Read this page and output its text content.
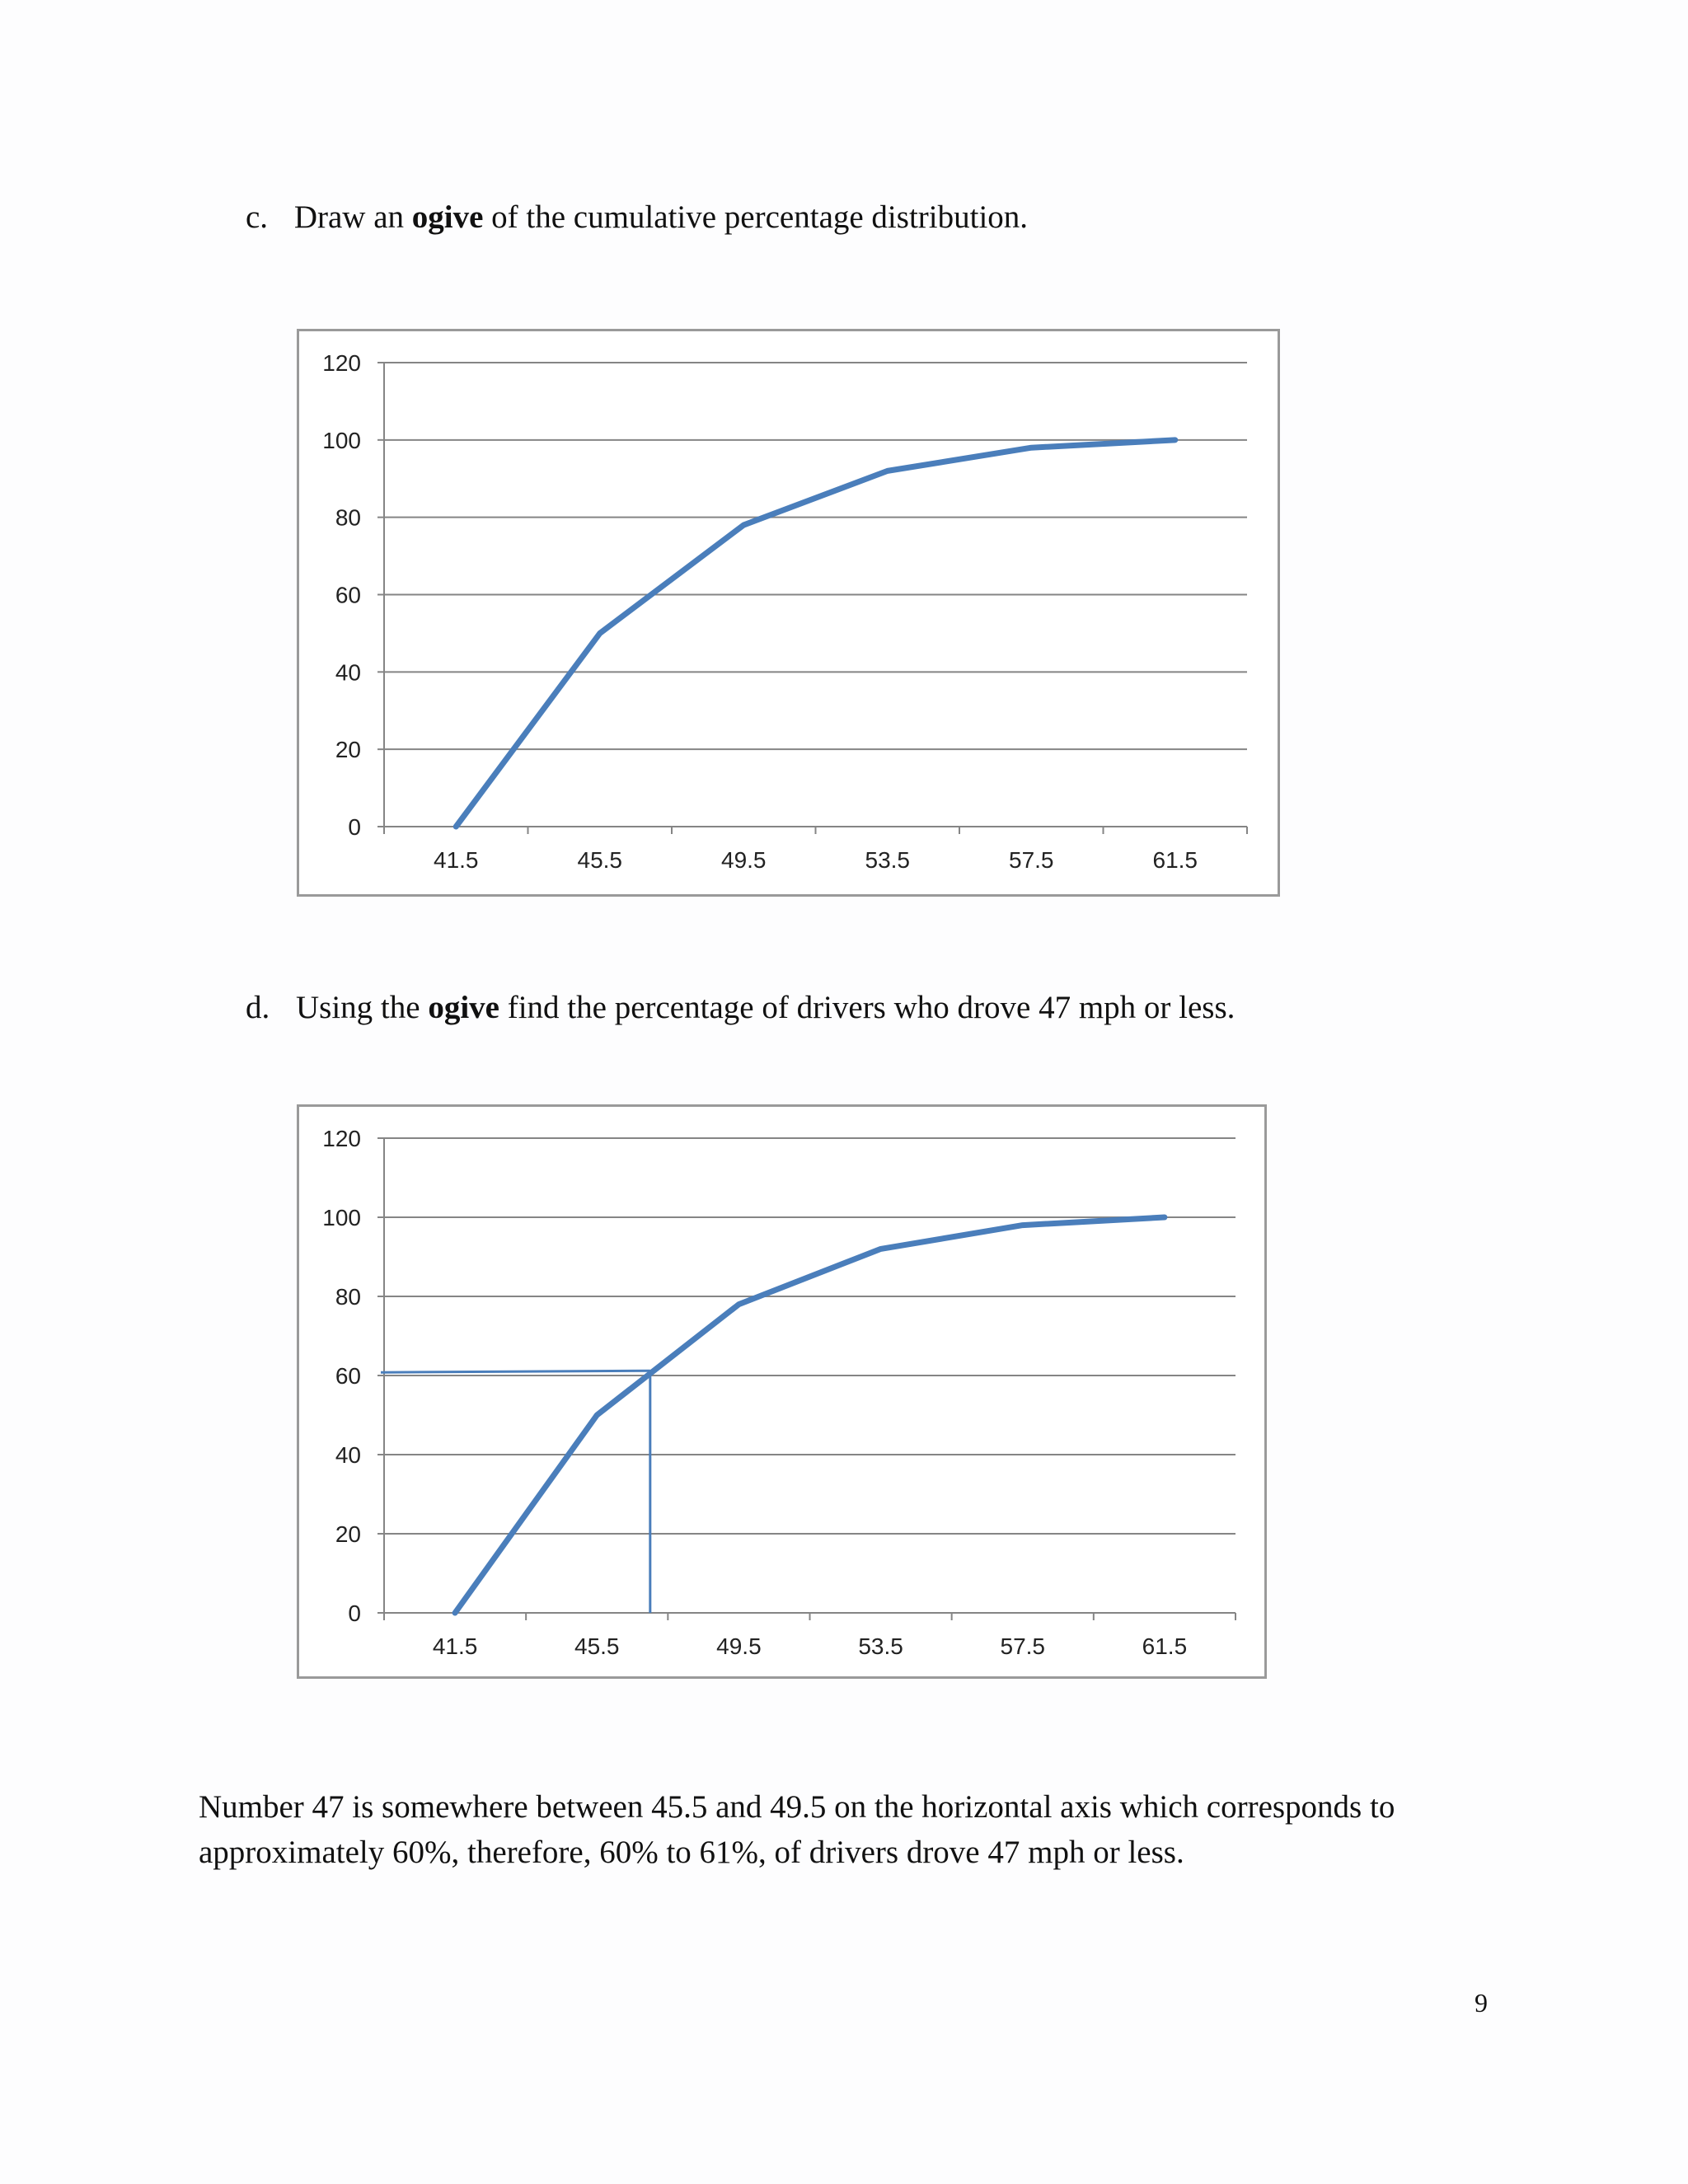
c. Draw an ogive of the cumulative percentage distribution.
0
20
40
60
80
100
120
41.5	45.5	49.5	53.5	57.5	61.5
d. Using the ogive find the percentage of drivers who drove 47 mph or less.
0
20
40
60
80
100
120
41.5	45.5	49.5	53.5	57.5	61.5
Number 47 is somewhere between 45.5 and 49.5 on the horizontal axis which corresponds to
approximately 60%, therefore, 60% to 61%, of drivers drove 47 mph or less.
9
